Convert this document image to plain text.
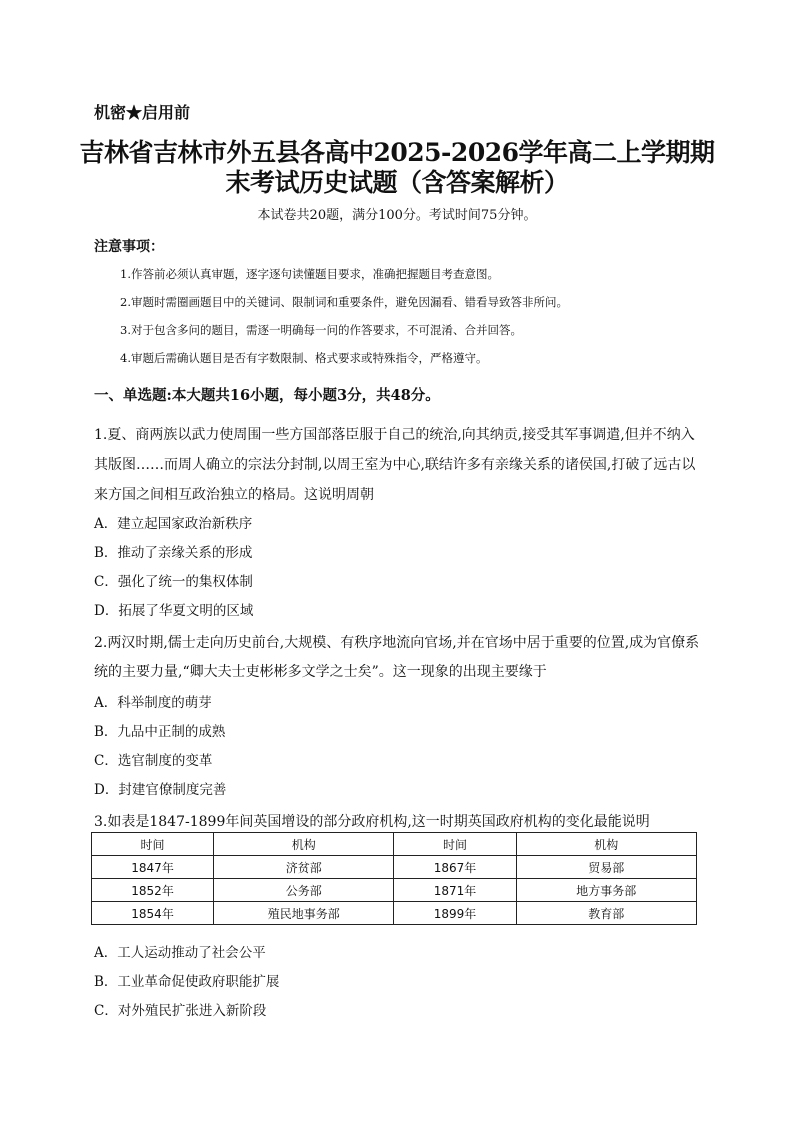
机密★启用前
吉林省吉林市外五县各高中2025-2026学年高二上学期期
末考试历史试题（含答案解析）
本试卷共20题，满分100分。考试时间75分钟。
注意事项：
1.作答前必须认真审题，逐字逐句读懂题目要求，准确把握题目考查意图。
2.审题时需圈画题目中的关键词、限制词和重要条件，避免因漏看、错看导致答非所问。
3.对于包含多问的题目，需逐一明确每一问的作答要求，不可混淆、合并回答。
4.审题后需确认题目是否有字数限制、格式要求或特殊指令，严格遵守。
一、单选题:本大题共16小题，每小题3分，共48分。
1.夏、商两族以武力使周围一些方国部落臣服于自己的统治,向其纳贡,接受其军事调遣,但并不纳入
其版图……而周人确立的宗法分封制,以周王室为中心,联结许多有亲缘关系的诸侯国,打破了远古以
来方国之间相互政治独立的格局。这说明周朝
A．建立起国家政治新秩序
B．推动了亲缘关系的形成
C．强化了统一的集权体制
D．拓展了华夏文明的区域
2.两汉时期,儒士走向历史前台,大规模、有秩序地流向官场,并在官场中居于重要的位置,成为官僚系
统的主要力量,“卿大夫士吏彬彬多文学之士矣”。这一现象的出现主要缘于
A．科举制度的萌芽
B．九品中正制的成熟
C．选官制度的变革
D．封建官僚制度完善
3.如表是1847-1899年间英国增设的部分政府机构,这一时期英国政府机构的变化最能说明
时间	机构	时间	机构
1847年	济贫部	1867年	贸易部
1852年	公务部	1871年	地方事务部
1854年	殖民地事务部	1899年	教育部
A．工人运动推动了社会公平
B．工业革命促使政府职能扩展
C．对外殖民扩张进入新阶段
